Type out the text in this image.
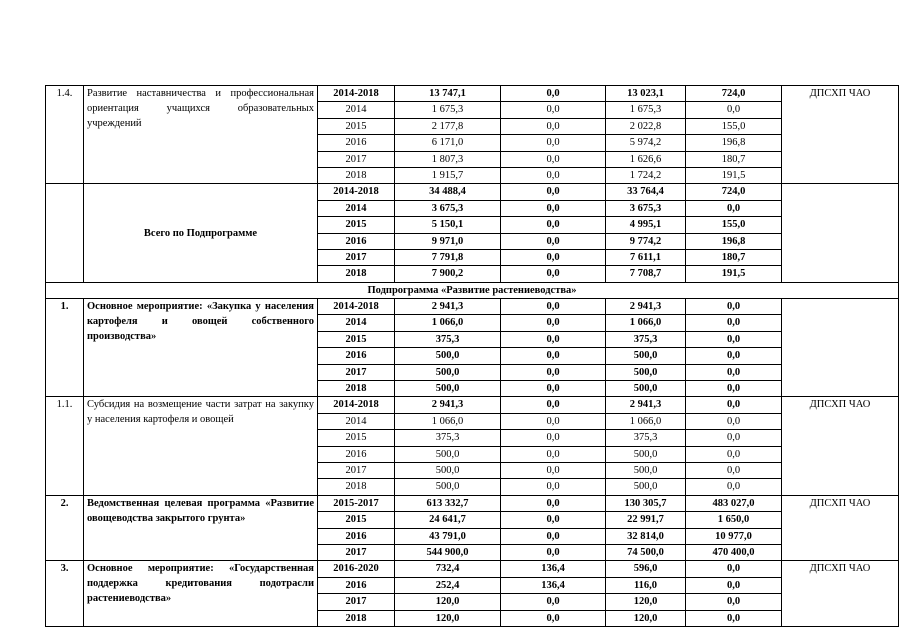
1.4.	Развитие наставничества и профессиональная ориентация учащихся образовательных учреждений	2014-2018	13 747,1	0,0	13 023,1	724,0	ДПСХП ЧАО
		2014	1 675,3	0,0	1 675,3	0,0	
		2015	2 177,8	0,0	2 022,8	155,0	
		2016	6 171,0	0,0	5 974,2	196,8	
		2017	1 807,3	0,0	1 626,6	180,7	
		2018	1 915,7	0,0	1 724,2	191,5	
	Всего по Подпрограмме	2014-2018	34 488,4	0,0	33 764,4	724,0	
		2014	3 675,3	0,0	3 675,3	0,0	
		2015	5 150,1	0,0	4 995,1	155,0	
		2016	9 971,0	0,0	9 774,2	196,8	
		2017	7 791,8	0,0	7 611,1	180,7	
		2018	7 900,2	0,0	7 708,7	191,5	
Подпрограмма «Развитие растениеводства»							
1.	Основное мероприятие: «Закупка у населения картофеля и овощей собственного производства»	2014-2018	2 941,3	0,0	2 941,3	0,0	
		2014	1 066,0	0,0	1 066,0	0,0	
		2015	375,3	0,0	375,3	0,0	
		2016	500,0	0,0	500,0	0,0	
		2017	500,0	0,0	500,0	0,0	
		2018	500,0	0,0	500,0	0,0	
1.1.	Субсидия на возмещение части затрат на закупку у населения картофеля и овощей	2014-2018	2 941,3	0,0	2 941,3	0,0	ДПСХП ЧАО
		2014	1 066,0	0,0	1 066,0	0,0	
		2015	375,3	0,0	375,3	0,0	
		2016	500,0	0,0	500,0	0,0	
		2017	500,0	0,0	500,0	0,0	
		2018	500,0	0,0	500,0	0,0	
2.	Ведомственная целевая программа «Развитие овощеводства закрытого грунта»	2015-2017	613 332,7	0,0	130 305,7	483 027,0	ДПСХП ЧАО
		2015	24 641,7	0,0	22 991,7	1 650,0	
		2016	43 791,0	0,0	32 814,0	10 977,0	
		2017	544 900,0	0,0	74 500,0	470 400,0	
3.	Основное мероприятие: «Государственная поддержка кредитования подотрасли растениеводства»	2016-2020	732,4	136,4	596,0	0,0	ДПСХП ЧАО
		2016	252,4	136,4	116,0	0,0	
		2017	120,0	0,0	120,0	0,0	
		2018	120,0	0,0	120,0	0,0	
